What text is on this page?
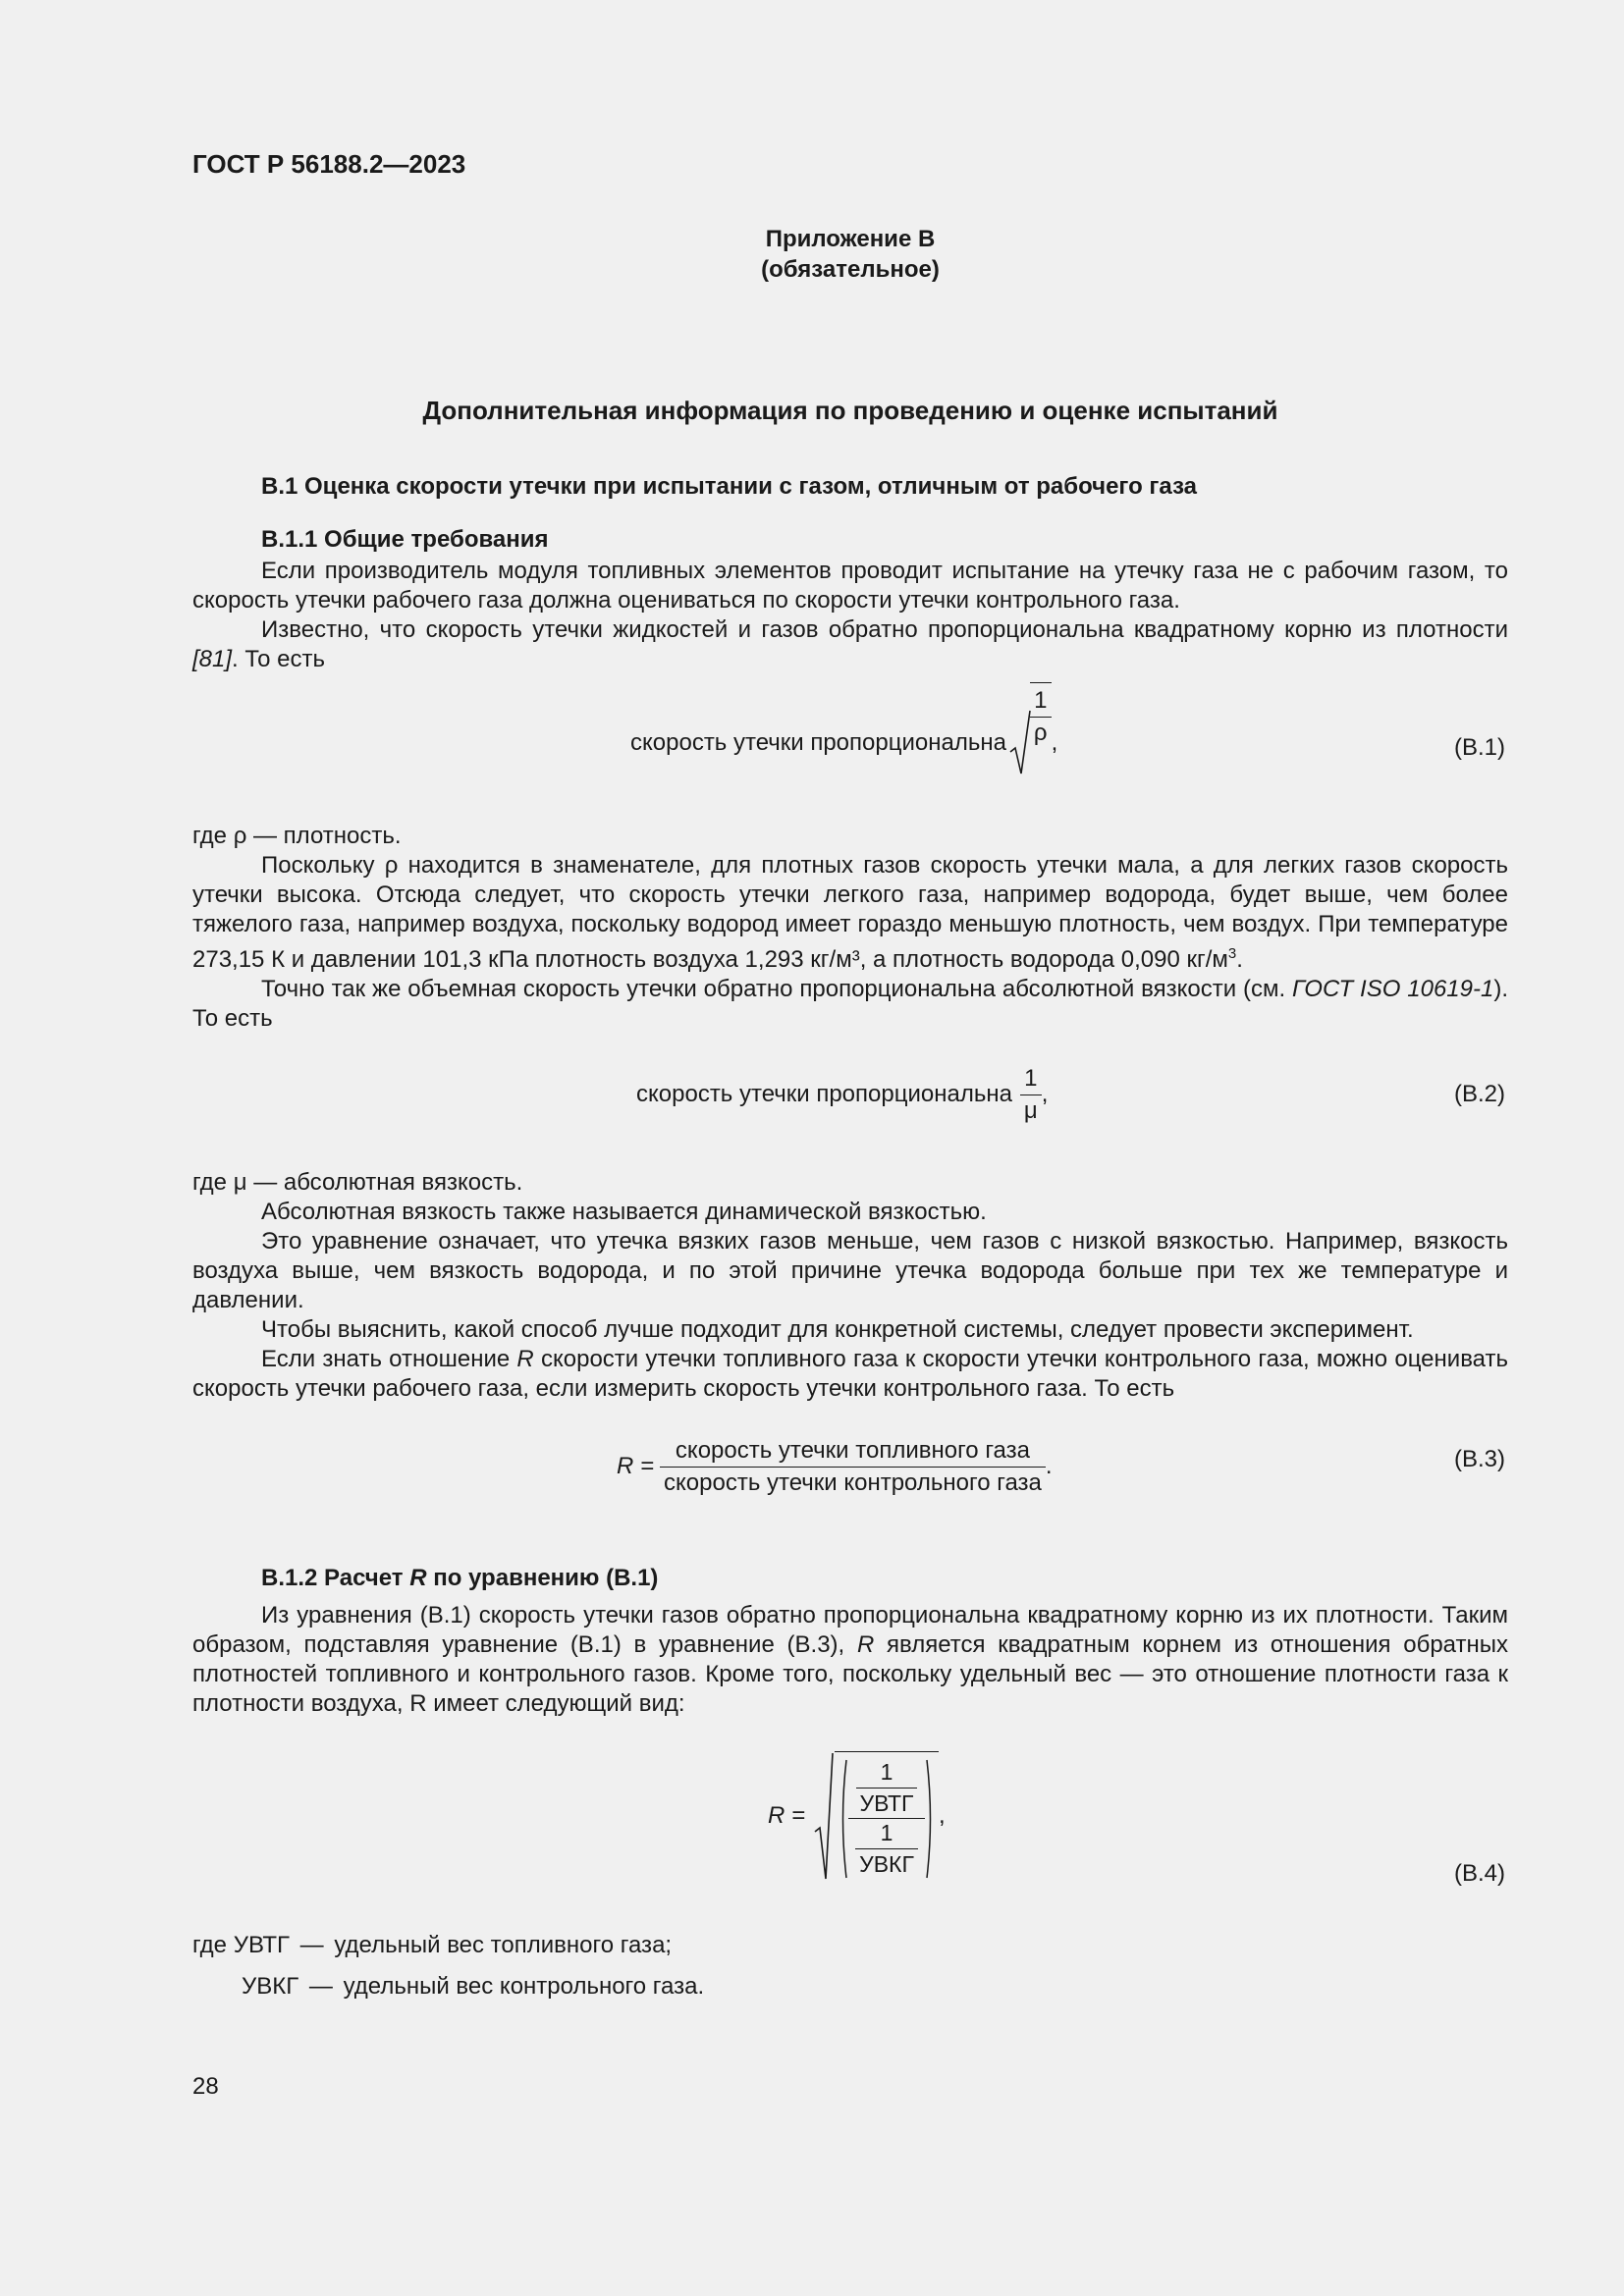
ГОСТ Р 56188.2—2023
Приложение В
(обязательное)
Дополнительная информация по проведению и оценке испытаний
В.1 Оценка скорости утечки при испытании с газом, отличным от рабочего газа
В.1.1 Общие требования

Если производитель модуля топливных элементов проводит испытание на утечку газа не с рабочим газом, то скорость утечки рабочего газа должна оцениваться по скорости утечки контрольного газа.

Известно, что скорость утечки жидкостей и газов обратно пропорциональна квадратному корню из плотности [81]. То есть

скорость утечки пропорциональна $\frac{1}{\rho}$ ,	(В.1)

где ρ — плотность.

Поскольку ρ находится в знаменателе, для плотных газов скорость утечки мала, а для легких газов скорость утечки высока. Отсюда следует, что скорость утечки легкого газа, например водорода, будет выше, чем более тяжелого газа, например воздуха, поскольку водород имеет гораздо меньшую плотность, чем воздух. При температуре 273,15 К и давлении 101,3 кПа плотность воздуха 1,293 кг/м³, а плотность водорода 0,090 $кг/м^3$.

Точно так же объемная скорость утечки обратно пропорциональна абсолютной вязкости (см. ГОСТ ISO 10619-1). То есть

скорость утечки пропорциональна $\frac{1}{\mu}$ ,	(В.2)

где μ — абсолютная вязкость.

Абсолютная вязкость также называется динамической вязкостью.

Это уравнение означает, что утечка вязких газов меньше, чем газов с низкой вязкостью. Например, вязкость воздуха выше, чем вязкость водорода, и по этой причине утечка водорода больше при тех же температуре и давлении.

Чтобы выяснить, какой способ лучше подходит для конкретной системы, следует провести эксперимент.

Если знать отношение R скорости утечки топливного газа к скорости утечки контрольного газа, можно оценивать скорость утечки рабочего газа, если измерить скорость утечки контрольного газа. То есть

$R = \frac{\text{скорость утечки топливного газа}}{\text{скорость утечки контрольного газа}}$ .	(В.3)
В.1.2 Расчет R по уравнению (В.1)

Из уравнения (В.1) скорость утечки газов обратно пропорциональна квадратному корню из их плотности. Таким образом, подставляя уравнение (В.1) в уравнение (В.3), R является квадратным корнем из отношения обратных плотностей топливного и контрольного газов. Кроме того, поскольку удельный вес — это отношение плотности газа к плотности воздуха, R имеет следующий вид:

$R = \frac{1}{\text{УВТГ}}$
$\frac{1}{\text{УВКГ}}$
,
(В.4)
где УВТГ — удельный вес топливного газа;
УВКГ — удельный вес контрольного газа.
28
